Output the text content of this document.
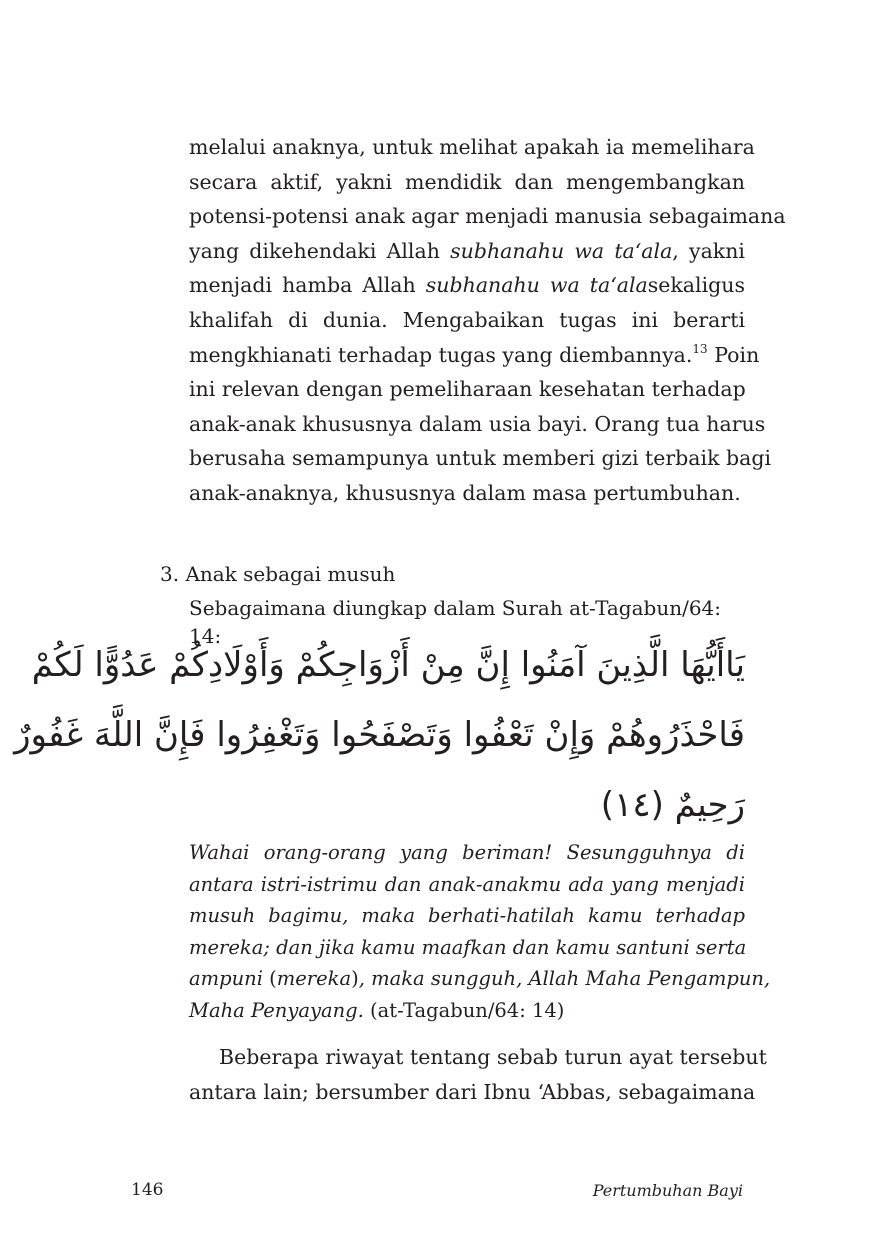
melalui anaknya, untuk melihat apakah ia memelihara
secara aktif, yakni mendidik dan mengembangkan
potensi-potensi anak agar menjadi manusia sebagaimana
yang dikehendaki Allah subhanahu wa ta‘ala, yakni
menjadi hamba Allah subhanahu wa ta‘alasekaligus
khalifah di dunia. Mengabaikan tugas ini berarti
mengkhianati terhadap tugas yang diembannya.$^{13}$ Poin
ini relevan dengan pemeliharaan kesehatan terhadap
anak-anak khususnya dalam usia bayi. Orang tua harus
berusaha semampunya untuk memberi gizi terbaik bagi
anak-anaknya, khususnya dalam masa pertumbuhan.
3. Anak sebagai musuh
Sebagaimana diungkap dalam Surah at-Tagabun/64: 14:
يَاأَيُّهَا الَّذِينَ آمَنُوا إِنَّ مِنْ أَزْوَاجِكُمْ وَأَوْلَادِكُمْ عَدُوًّا لَكُمْ
فَاحْذَرُوهُمْ وَإِنْ تَعْفُوا وَتَصْفَحُوا وَتَغْفِرُوا فَإِنَّ اللَّهَ غَفُورٌ
رَحِيمٌ (١٤)
Wahai orang-orang yang beriman! Sesungguhnya di
antara istri-istrimu dan anak-anakmu ada yang menjadi
musuh bagimu, maka berhati-hatilah kamu terhadap
mereka; dan jika kamu maafkan dan kamu santuni serta
ampuni (mereka), maka sungguh, Allah Maha Pengampun,
Maha Penyayang. (at-Tagabun/64: 14)
Beberapa riwayat tentang sebab turun ayat tersebut
antara lain; bersumber dari Ibnu ‘Abbas, sebagaimana
146	Pertumbuhan Bayi
